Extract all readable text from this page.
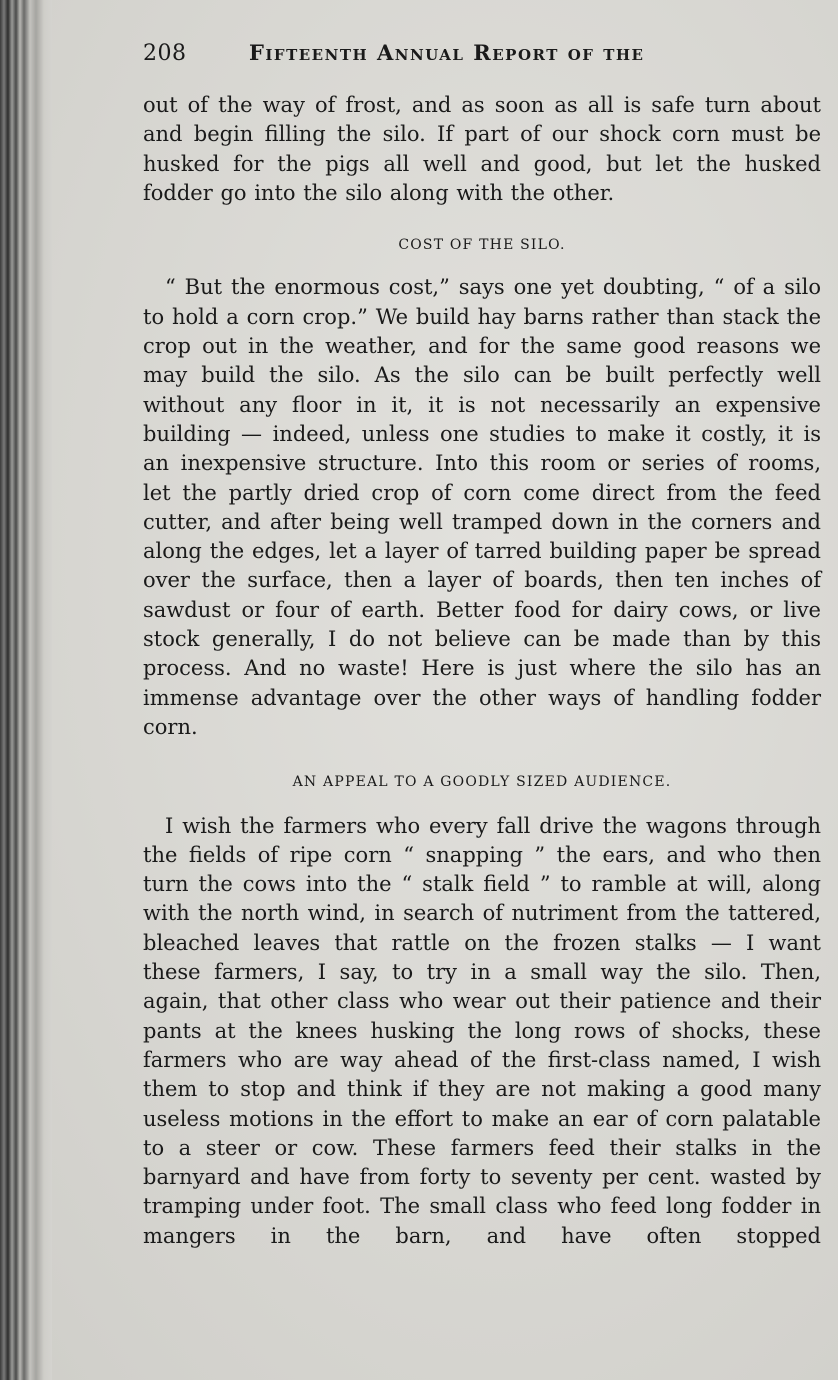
208	Fifteenth Annual Report of the

out of the way of frost, and as soon as all is safe turn about and begin filling the silo. If part of our shock corn must be husked for the pigs all well and good, but let the husked fodder go into the silo along with the other.

COST OF THE SILO.

“ But the enormous cost,” says one yet doubting, “ of a silo to hold a corn crop.” We build hay barns rather than stack the crop out in the weather, and for the same good reasons we may build the silo. As the silo can be built perfectly well without any floor in it, it is not necessarily an expensive building — indeed, unless one studies to make it costly, it is an inexpensive structure. Into this room or series of rooms, let the partly dried crop of corn come direct from the feed cutter, and after being well tramped down in the corners and along the edges, let a layer of tarred building paper be spread over the surface, then a layer of boards, then ten inches of sawdust or four of earth. Better food for dairy cows, or live stock generally, I do not believe can be made than by this process. And no waste! Here is just where the silo has an immense advantage over the other ways of handling fodder corn.

AN APPEAL TO A GOODLY SIZED AUDIENCE.

I wish the farmers who every fall drive the wagons through the fields of ripe corn “ snapping ” the ears, and who then turn the cows into the “ stalk field ” to ramble at will, along with the north wind, in search of nutriment from the tattered, bleached leaves that rattle on the frozen stalks — I want these farmers, I say, to try in a small way the silo. Then, again, that other class who wear out their patience and their pants at the knees husking the long rows of shocks, these farmers who are way ahead of the first-class named, I wish them to stop and think if they are not making a good many useless motions in the effort to make an ear of corn palatable to a steer or cow. These farmers feed their stalks in the barnyard and have from forty to seventy per cent. wasted by tramping under foot. The small class who feed long fodder in mangers in the barn, and have often stopped
